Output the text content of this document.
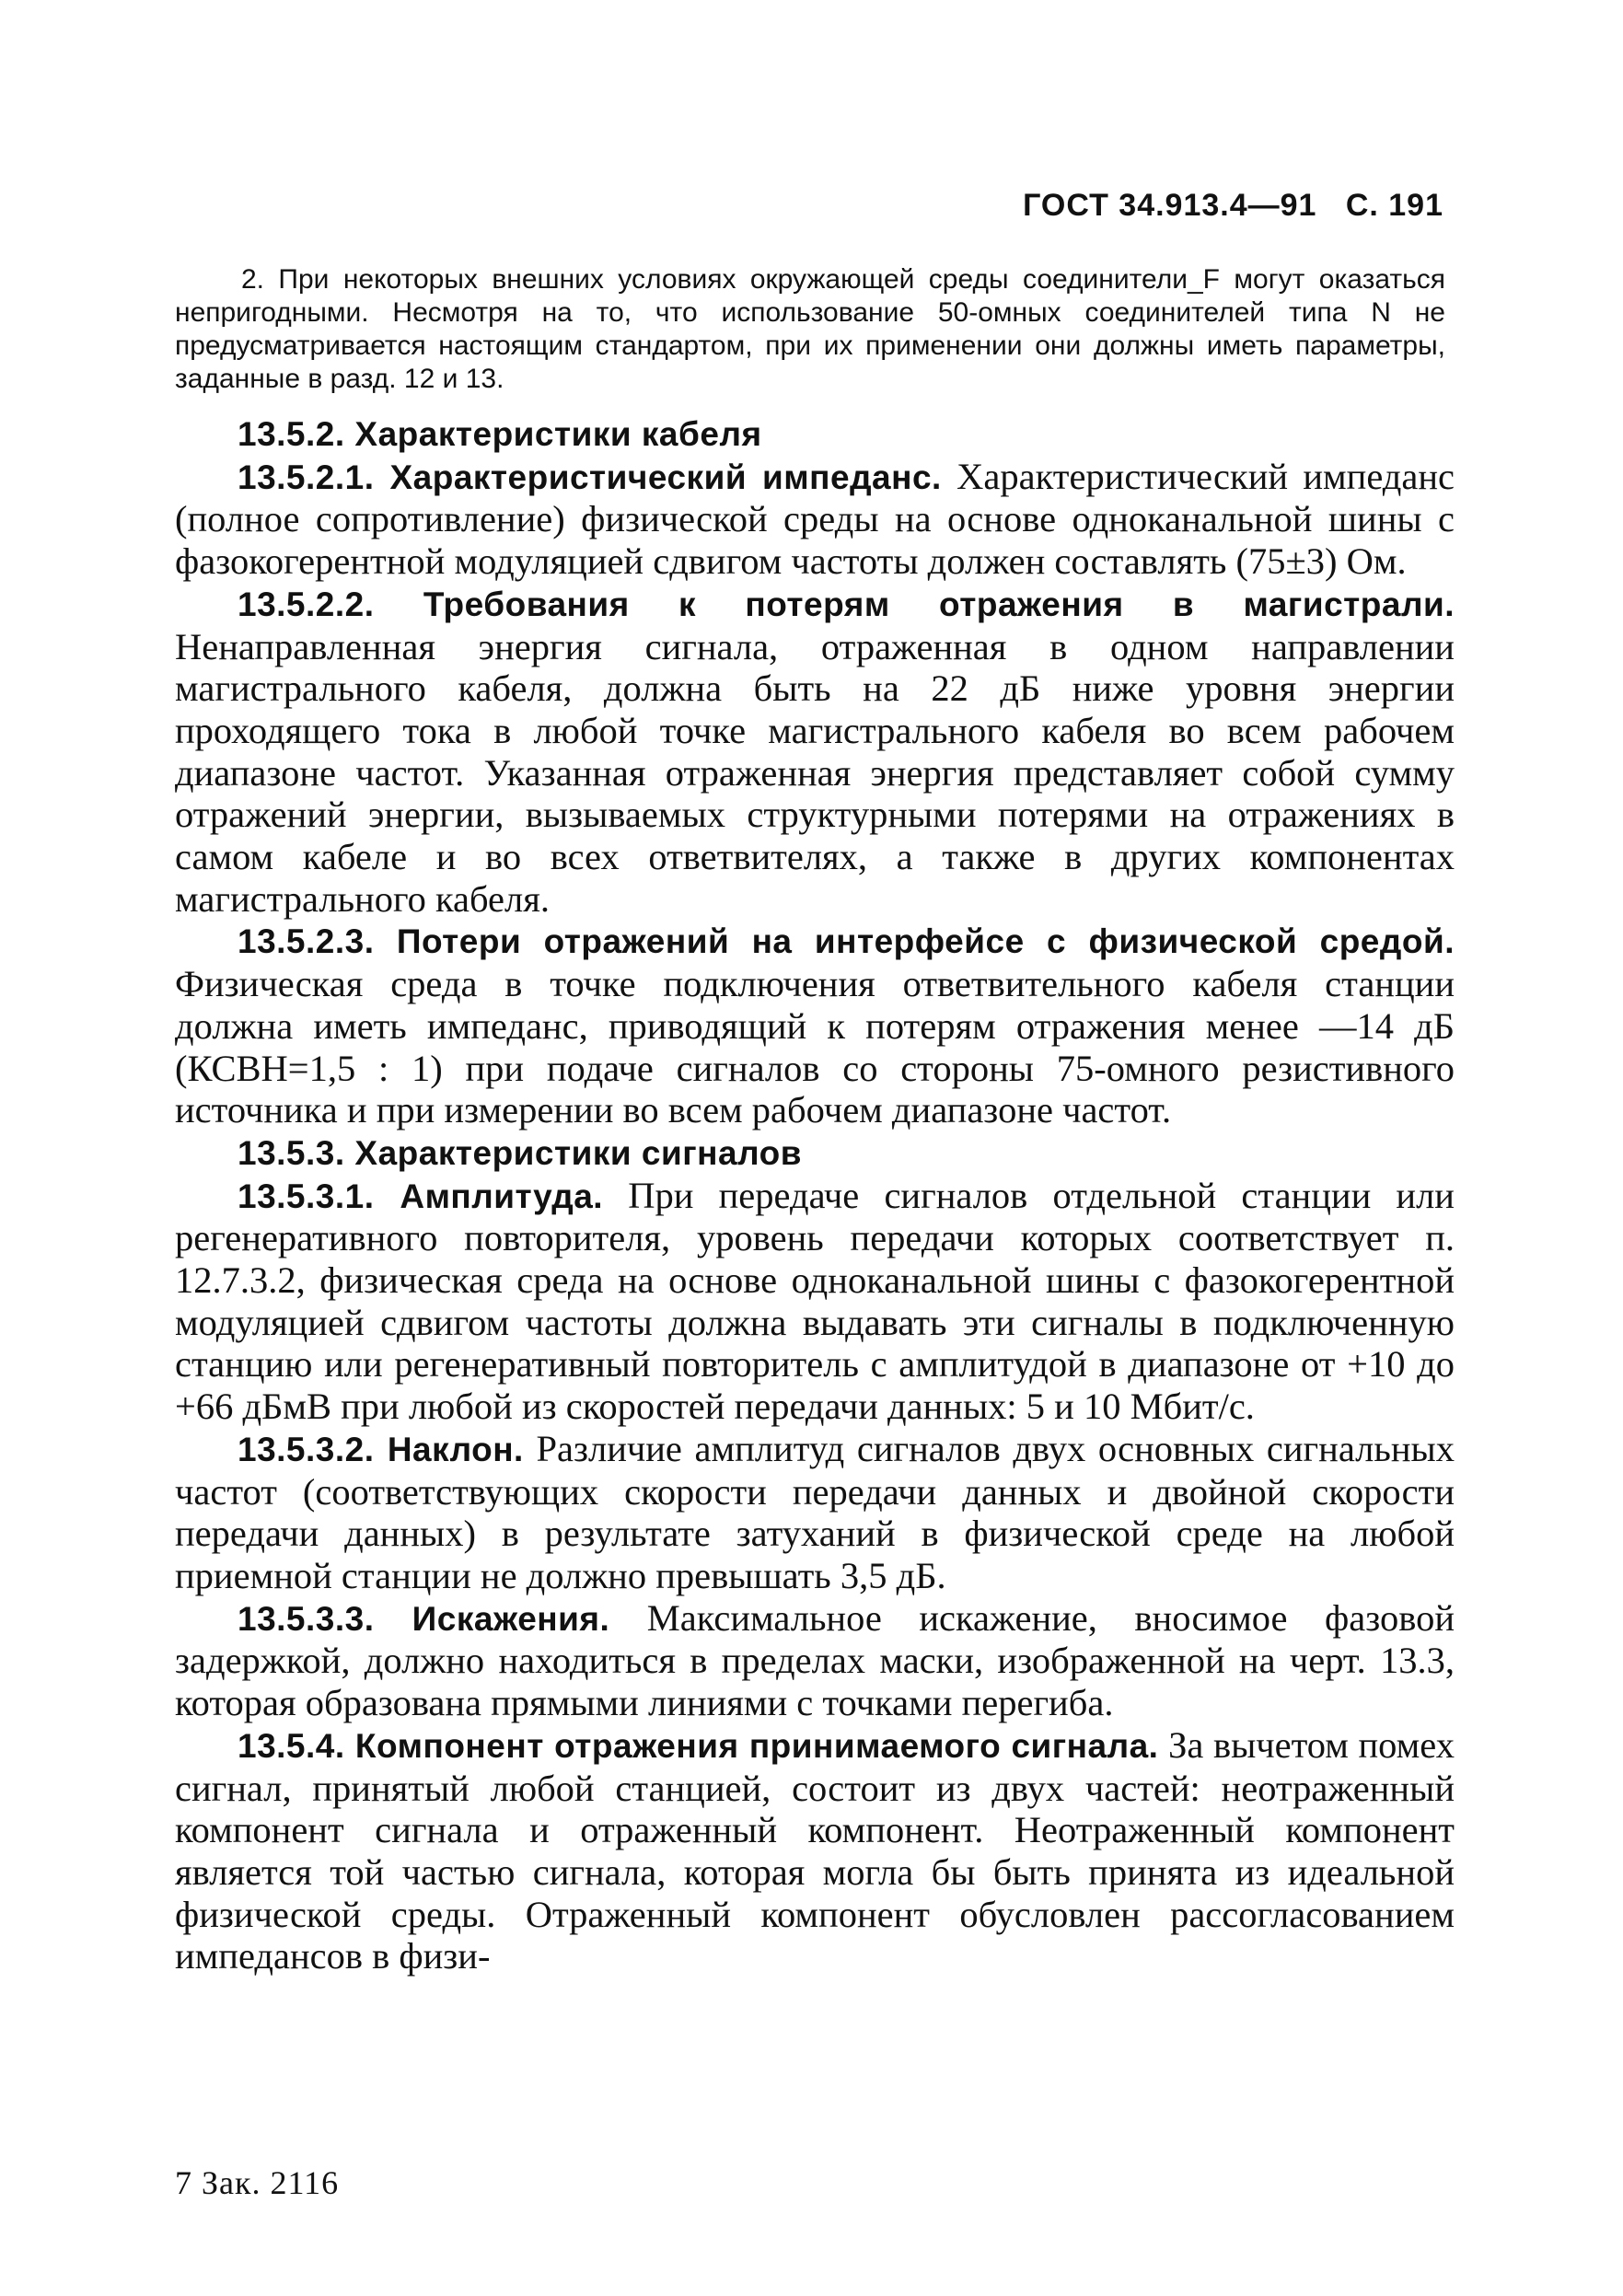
ГОСТ 34.913.4—91 С. 191

2. При некоторых внешних условиях окружающей среды соединители_F могут оказаться непригодными. Несмотря на то, что использование 50-омных соединителей типа N не предусматривается настоящим стандартом, при их применении они должны иметь параметры, заданные в разд. 12 и 13.

13.5.2. Характеристики кабеля

13.5.2.1. Характеристический импеданс. Характеристический импеданс (полное сопротивление) физической среды на основе одноканальной шины с фазокогерентной модуляцией сдвигом частоты должен составлять (75±3) Ом.

13.5.2.2. Требования к потерям отражения в магистрали. Ненаправленная энергия сигнала, отраженная в одном направлении магистрального кабеля, должна быть на 22 дБ ниже уровня энергии проходящего тока в любой точке магистрального кабеля во всем рабочем диапазоне частот. Указанная отраженная энергия представляет собой сумму отражений энергии, вызываемых структурными потерями на отражениях в самом кабеле и во всех ответвителях, а также в других компонентах магистрального кабеля.

13.5.2.3. Потери отражений на интерфейсе с физической средой. Физическая среда в точке подключения ответвительного кабеля станции должна иметь импеданс, приводящий к потерям отражения менее —14 дБ (КСВН=1,5 : 1) при подаче сигналов со стороны 75-омного резистивного источника и при измерении во всем рабочем диапазоне частот.

13.5.3. Характеристики сигналов

13.5.3.1. Амплитуда. При передаче сигналов отдельной станции или регенеративного повторителя, уровень передачи которых соответствует п. 12.7.3.2, физическая среда на основе одноканальной шины с фазокогерентной модуляцией сдвигом частоты должна выдавать эти сигналы в подключенную станцию или регенеративный повторитель с амплитудой в диапазоне от +10 до +66 дБмВ при любой из скоростей передачи данных: 5 и 10 Мбит/с.

13.5.3.2. Наклон. Различие амплитуд сигналов двух основных сигнальных частот (соответствующих скорости передачи данных и двойной скорости передачи данных) в результате затуханий в физической среде на любой приемной станции не должно превышать 3,5 дБ.

13.5.3.3. Искажения. Максимальное искажение, вносимое фазовой задержкой, должно находиться в пределах маски, изображенной на черт. 13.3, которая образована прямыми линиями с точками перегиба.

13.5.4. Компонент отражения принимаемого сигнала. За вычетом помех сигнал, принятый любой станцией, состоит из двух частей: неотраженный компонент сигнала и отраженный компонент. Неотраженный компонент является той частью сигнала, которая могла бы быть принята из идеальной физической среды. Отраженный компонент обусловлен рассогласованием импедансов в физи-

7 Зак. 2116
